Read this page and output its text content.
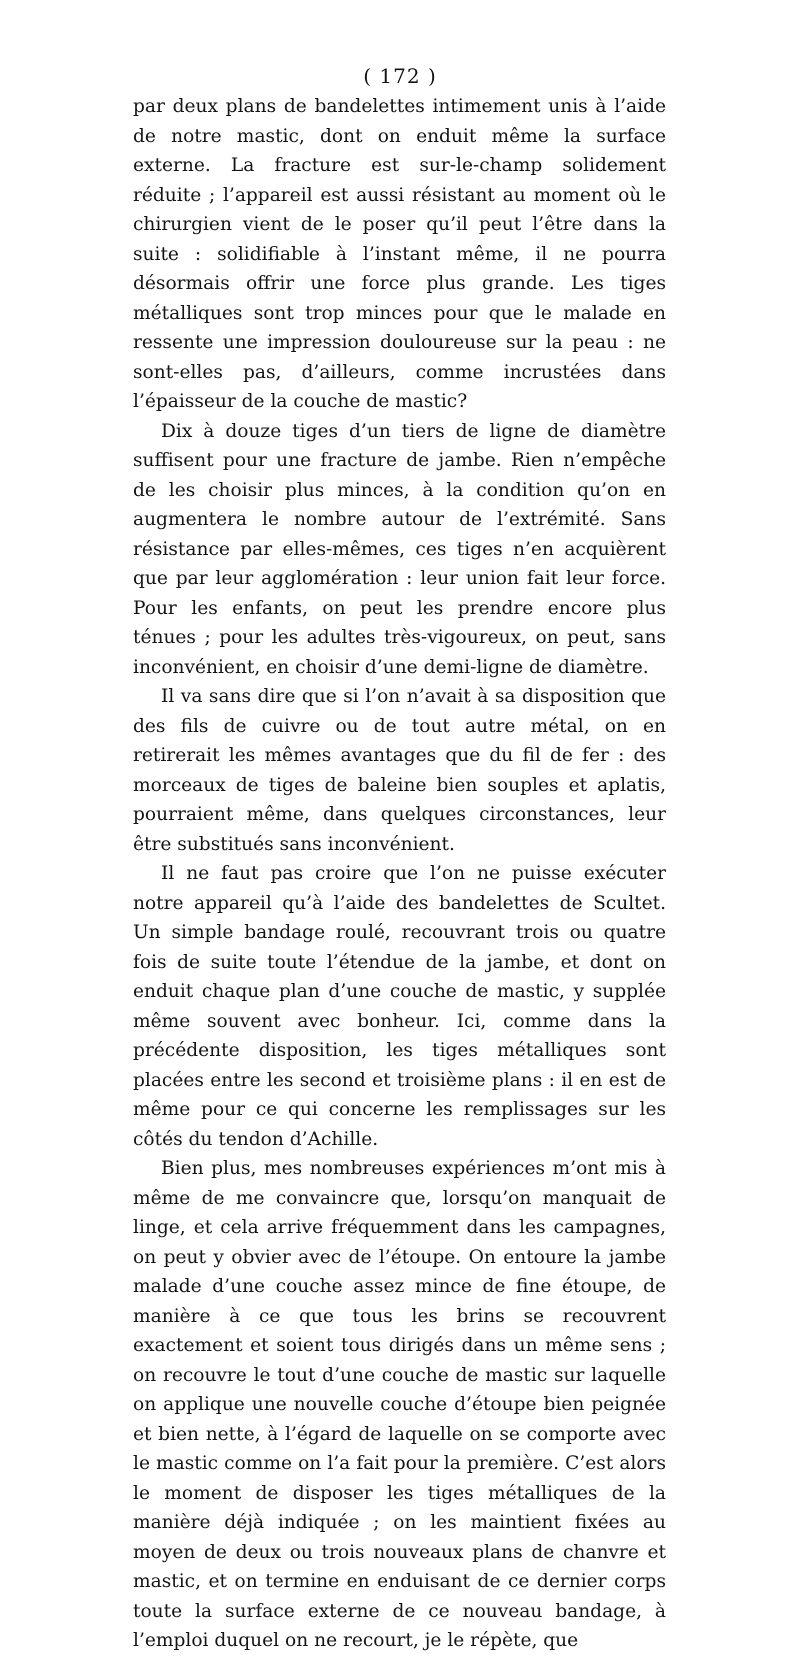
( 172 )

par deux plans de bandelettes intimement unis à l’aide de notre mastic, dont on enduit même la surface externe. La fracture est sur-le-champ solidement réduite ; l’appareil est aussi résistant au moment où le chirurgien vient de le poser qu’il peut l’être dans la suite : solidifiable à l’instant même, il ne pourra désormais offrir une force plus grande. Les tiges métalliques sont trop minces pour que le malade en ressente une impression douloureuse sur la peau : ne sont-elles pas, d’ailleurs, comme incrustées dans l’épaisseur de la couche de mastic?

Dix à douze tiges d’un tiers de ligne de diamètre suffisent pour une fracture de jambe. Rien n’empêche de les choisir plus minces, à la condition qu’on en augmentera le nombre autour de l’extrémité. Sans résistance par elles-mêmes, ces tiges n’en acquièrent que par leur agglomération : leur union fait leur force. Pour les enfants, on peut les prendre encore plus ténues ; pour les adultes très-vigoureux, on peut, sans inconvénient, en choisir d’une demi-ligne de diamètre.

Il va sans dire que si l’on n’avait à sa disposition que des fils de cuivre ou de tout autre métal, on en retirerait les mêmes avantages que du fil de fer : des morceaux de tiges de baleine bien souples et aplatis, pourraient même, dans quelques circonstances, leur être substitués sans inconvénient.

Il ne faut pas croire que l’on ne puisse exécuter notre appareil qu’à l’aide des bandelettes de Scultet. Un simple bandage roulé, recouvrant trois ou quatre fois de suite toute l’étendue de la jambe, et dont on enduit chaque plan d’une couche de mastic, y supplée même souvent avec bonheur. Ici, comme dans la précédente disposition, les tiges métalliques sont placées entre les second et troisième plans : il en est de même pour ce qui concerne les remplissages sur les côtés du tendon d’Achille.

Bien plus, mes nombreuses expériences m’ont mis à même de me convaincre que, lorsqu’on manquait de linge, et cela arrive fréquemment dans les campagnes, on peut y obvier avec de l’étoupe. On entoure la jambe malade d’une couche assez mince de fine étoupe, de manière à ce que tous les brins se recouvrent exactement et soient tous dirigés dans un même sens ; on recouvre le tout d’une couche de mastic sur laquelle on applique une nouvelle couche d’étoupe bien peignée et bien nette, à l’égard de laquelle on se comporte avec le mastic comme on l’a fait pour la première. C’est alors le moment de disposer les tiges métalliques de la manière déjà indiquée ; on les maintient fixées au moyen de deux ou trois nouveaux plans de chanvre et mastic, et on termine en enduisant de ce dernier corps toute la surface externe de ce nouveau bandage, à l’emploi duquel on ne recourt, je le répète, que
